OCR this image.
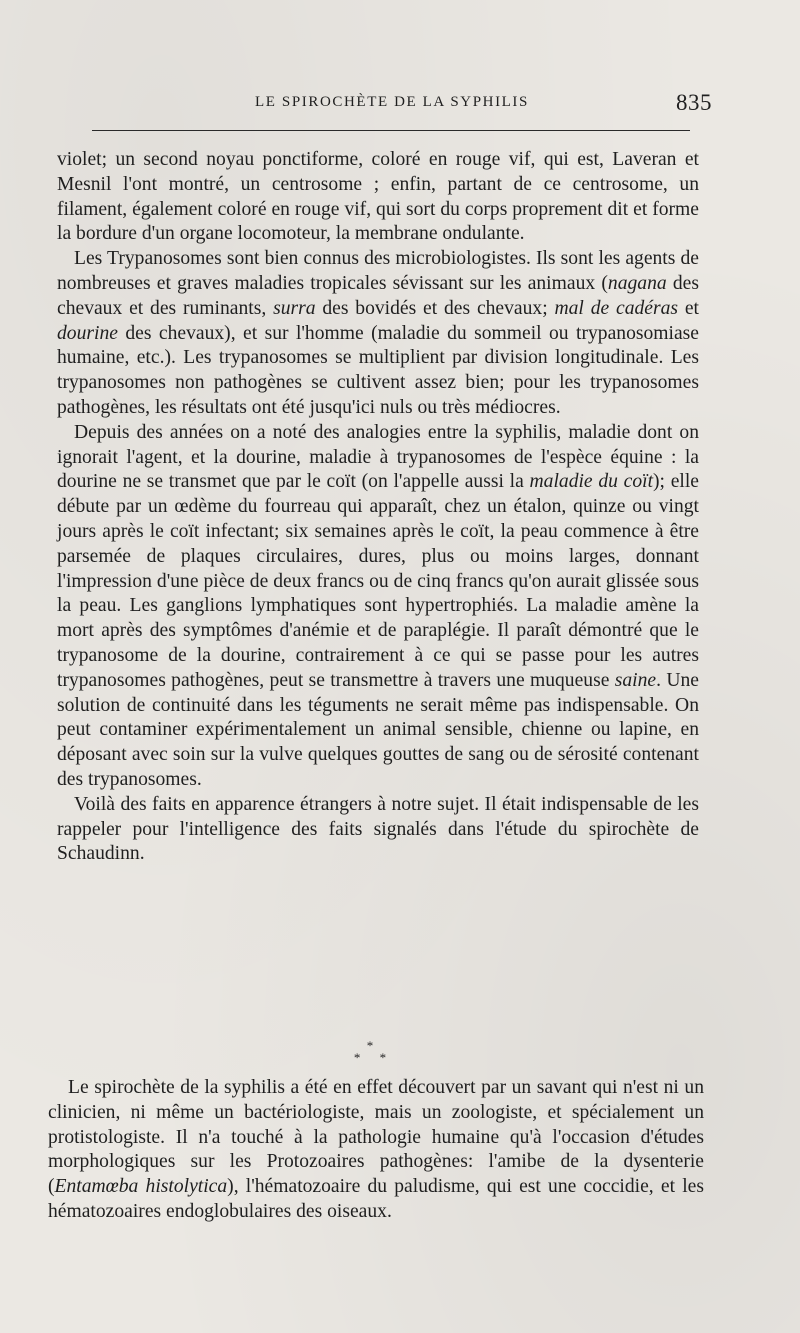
LE SPIROCHÈTE DE LA SYPHILIS	835

violet; un second noyau ponctiforme, coloré en rouge vif, qui est, Laveran et Mesnil l'ont montré, un centrosome ; enfin, partant de ce centrosome, un filament, également coloré en rouge vif, qui sort du corps proprement dit et forme la bordure d'un organe locomoteur, la membrane ondulante.

Les Trypanosomes sont bien connus des microbiologistes. Ils sont les agents de nombreuses et graves maladies tropicales sévissant sur les animaux (nagana des chevaux et des ruminants, surra des bovidés et des chevaux; mal de cadéras et dourine des chevaux), et sur l'homme (maladie du sommeil ou trypanosomiase humaine, etc.). Les trypanosomes se multiplient par division longitudinale. Les trypanosomes non pathogènes se cultivent assez bien; pour les trypanosomes pathogènes, les résultats ont été jusqu'ici nuls ou très médiocres.

Depuis des années on a noté des analogies entre la syphilis, maladie dont on ignorait l'agent, et la dourine, maladie à trypanosomes de l'espèce équine : la dourine ne se transmet que par le coït (on l'appelle aussi la maladie du coït); elle débute par un œdème du fourreau qui apparaît, chez un étalon, quinze ou vingt jours après le coït infectant; six semaines après le coït, la peau commence à être parsemée de plaques circulaires, dures, plus ou moins larges, donnant l'impression d'une pièce de deux francs ou de cinq francs qu'on aurait glissée sous la peau. Les ganglions lymphatiques sont hypertrophiés. La maladie amène la mort après des symptômes d'anémie et de paraplégie. Il paraît démontré que le trypanosome de la dourine, contrairement à ce qui se passe pour les autres trypanosomes pathogènes, peut se transmettre à travers une muqueuse saine. Une solution de continuité dans les téguments ne serait même pas indispensable. On peut contaminer expérimentalement un animal sensible, chienne ou lapine, en déposant avec soin sur la vulve quelques gouttes de sang ou de sérosité contenant des trypanosomes.

Voilà des faits en apparence étrangers à notre sujet. Il était indispensable de les rappeler pour l'intelligence des faits signalés dans l'étude du spirochète de Schaudinn.

*
* *

Le spirochète de la syphilis a été en effet découvert par un savant qui n'est ni un clinicien, ni même un bactériologiste, mais un zoologiste, et spécialement un protistologiste. Il n'a touché à la pathologie humaine qu'à l'occasion d'études morphologiques sur les Protozoaires pathogènes: l'amibe de la dysenterie (Entamœba histolytica), l'hématozoaire du paludisme, qui est une coccidie, et les hématozoaires endoglobulaires des oiseaux.
